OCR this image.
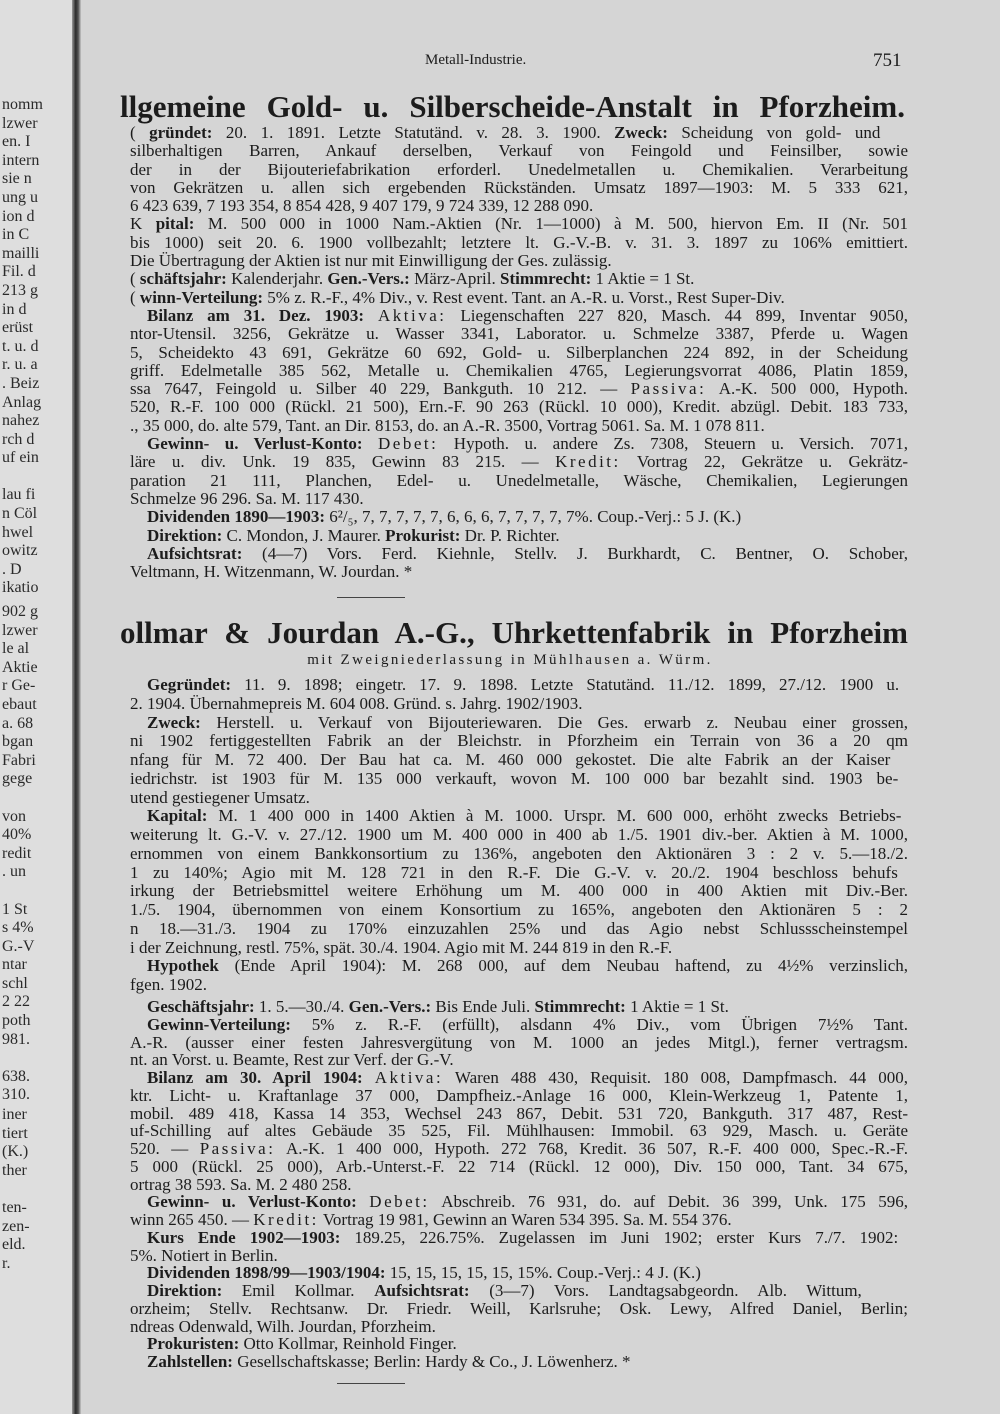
nomm
lzwer
en. I
intern
sie n
ung u
ion d
in C
mailli
Fil. d
213 g
in d
erüst
t. u. d
r. u. a
. Beiz
Anlag
nahez
rch d
uf ein
lau fi
n Cöl
hwel
owitz
. D
ikatio
902 g
lzwer
le al
Aktie
r Ge-
ebaut
a. 68
bgan
Fabri
gege
von
40%
redit
. un
1 St
s 4%
G.-V
ntar
schl
2 22
poth
981.
638.
310.
iner
tiert
(K.)
ther
ten-
zen-
eld.
r.
Metall-Industrie.	751
llgemeine Gold- u. Silberscheide-Anstalt in Pforzheim.
( gründet: 20. 1. 1891. Letzte Statutänd. v. 28. 3. 1900. Zweck: Scheidung von gold- und
silberhaltigen Barren, Ankauf derselben, Verkauf von Feingold und Feinsilber, sowie
der in der Bijouteriefabrikation erforderl. Unedelmetallen u. Chemikalien. Verarbeitung
von Gekrätzen u. allen sich ergebenden Rückständen. Umsatz 1897—1903: M. 5 333 621,
6 423 639, 7 193 354, 8 854 428, 9 407 179, 9 724 339, 12 288 090.
K pital: M. 500 000 in 1000 Nam.-Aktien (Nr. 1—1000) à M. 500, hiervon Em. II (Nr. 501
bis 1000) seit 20. 6. 1900 vollbezahlt; letztere lt. G.-V.-B. v. 31. 3. 1897 zu 106% emittiert.
Die Übertragung der Aktien ist nur mit Einwilligung der Ges. zulässig.
( schäftsjahr: Kalenderjahr. Gen.-Vers.: März-April. Stimmrecht: 1 Aktie = 1 St.
( winn-Verteilung: 5% z. R.-F., 4% Div., v. Rest event. Tant. an A.-R. u. Vorst., Rest Super-Div.
Bilanz am 31. Dez. 1903: Aktiva: Liegenschaften 227 820, Masch. 44 899, Inventar 9050,
ntor-Utensil. 3256, Gekrätze u. Wasser 3341, Laborator. u. Schmelze 3387, Pferde u. Wagen
5, Scheidekto 43 691, Gekrätze 60 692, Gold- u. Silberplanchen 224 892, in der Scheidung
griff. Edelmetalle 385 562, Metalle u. Chemikalien 4765, Legierungsvorrat 4086, Platin 1859,
ssa 7647, Feingold u. Silber 40 229, Bankguth. 10 212. — Passiva: A.-K. 500 000, Hypoth.
520, R.-F. 100 000 (Rückl. 21 500), Ern.-F. 90 263 (Rückl. 10 000), Kredit. abzügl. Debit. 183 733,
., 35 000, do. alte 579, Tant. an Dir. 8153, do. an A.-R. 3500, Vortrag 5061. Sa. M. 1 078 811.
Gewinn- u. Verlust-Konto: Debet: Hypoth. u. andere Zs. 7308, Steuern u. Versich. 7071,
läre u. div. Unk. 19 835, Gewinn 83 215. — Kredit: Vortrag 22, Gekrätze u. Gekrätz-
paration 21 111, Planchen, Edel- u. Unedelmetalle, Wäsche, Chemikalien, Legierungen
Schmelze 96 296. Sa. M. 117 430.
Dividenden 1890—1903: 6²/₅, 7, 7, 7, 7, 7, 6, 6, 6, 7, 7, 7, 7, 7%. Coup.-Verj.: 5 J. (K.)
Direktion: C. Mondon, J. Maurer. Prokurist: Dr. P. Richter.
Aufsichtsrat: (4—7) Vors. Ferd. Kiehnle, Stellv. J. Burkhardt, C. Bentner, O. Schober,
Veltmann, H. Witzenmann, W. Jourdan. *
ollmar & Jourdan A.-G., Uhrkettenfabrik in Pforzheim
mit Zweigniederlassung in Mühlhausen a. Würm.
Gegründet: 11. 9. 1898; eingetr. 17. 9. 1898. Letzte Statutänd. 11./12. 1899, 27./12. 1900 u.
2. 1904. Übernahmepreis M. 604 008. Gründ. s. Jahrg. 1902/1903.
Zweck: Herstell. u. Verkauf von Bijouteriewaren. Die Ges. erwarb z. Neubau einer grossen,
ni 1902 fertiggestellten Fabrik an der Bleichstr. in Pforzheim ein Terrain von 36 a 20 qm
nfang für M. 72 400. Der Bau hat ca. M. 460 000 gekostet. Die alte Fabrik an der Kaiser
iedrichstr. ist 1903 für M. 135 000 verkauft, wovon M. 100 000 bar bezahlt sind. 1903 be-
utend gestiegener Umsatz.
Kapital: M. 1 400 000 in 1400 Aktien à M. 1000. Urspr. M. 600 000, erhöht zwecks Betriebs-
weiterung lt. G.-V. v. 27./12. 1900 um M. 400 000 in 400 ab 1./5. 1901 div.-ber. Aktien à M. 1000,
ernommen von einem Bankkonsortium zu 136%, angeboten den Aktionären 3 : 2 v. 5.—18./2.
1 zu 140%; Agio mit M. 128 721 in den R.-F. Die G.-V. v. 20./2. 1904 beschloss behufs
irkung der Betriebsmittel weitere Erhöhung um M. 400 000 in 400 Aktien mit Div.-Ber.
1./5. 1904, übernommen von einem Konsortium zu 165%, angeboten den Aktionären 5 : 2
n 18.—31./3. 1904 zu 170% einzuzahlen 25% und das Agio nebst Schlussscheinstempel
i der Zeichnung, restl. 75%, spät. 30./4. 1904. Agio mit M. 244 819 in den R.-F.
Hypothek (Ende April 1904): M. 268 000, auf dem Neubau haftend, zu 4½% verzinslich,
fgen. 1902.
Geschäftsjahr: 1. 5.—30./4. Gen.-Vers.: Bis Ende Juli. Stimmrecht: 1 Aktie = 1 St.
Gewinn-Verteilung: 5% z. R.-F. (erfüllt), alsdann 4% Div., vom Übrigen 7½% Tant.
A.-R. (ausser einer festen Jahresvergütung von M. 1000 an jedes Mitgl.), ferner vertragsm.
nt. an Vorst. u. Beamte, Rest zur Verf. der G.-V.
Bilanz am 30. April 1904: Aktiva: Waren 488 430, Requisit. 180 008, Dampfmasch. 44 000,
ktr. Licht- u. Kraftanlage 37 000, Dampfheiz.-Anlage 16 000, Klein-Werkzeug 1, Patente 1,
mobil. 489 418, Kassa 14 353, Wechsel 243 867, Debit. 531 720, Bankguth. 317 487, Rest-
uf-Schilling auf altes Gebäude 35 525, Fil. Mühlhausen: Immobil. 63 929, Masch. u. Geräte
520. — Passiva: A.-K. 1 400 000, Hypoth. 272 768, Kredit. 36 507, R.-F. 400 000, Spec.-R.-F.
5 000 (Rückl. 25 000), Arb.-Unterst.-F. 22 714 (Rückl. 12 000), Div. 150 000, Tant. 34 675,
ortrag 38 593. Sa. M. 2 480 258.
Gewinn- u. Verlust-Konto: Debet: Abschreib. 76 931, do. auf Debit. 36 399, Unk. 175 596,
winn 265 450. — Kredit: Vortrag 19 981, Gewinn an Waren 534 395. Sa. M. 554 376.
Kurs Ende 1902—1903: 189.25, 226.75%. Zugelassen im Juni 1902; erster Kurs 7./7. 1902:
5%. Notiert in Berlin.
Dividenden 1898/99—1903/1904: 15, 15, 15, 15, 15, 15%. Coup.-Verj.: 4 J. (K.)
Direktion: Emil Kollmar. Aufsichtsrat: (3—7) Vors. Landtagsabgeordn. Alb. Wittum,
orzheim; Stellv. Rechtsanw. Dr. Friedr. Weill, Karlsruhe; Osk. Lewy, Alfred Daniel, Berlin;
ndreas Odenwald, Wilh. Jourdan, Pforzheim.
Prokuristen: Otto Kollmar, Reinhold Finger.
Zahlstellen: Gesellschaftskasse; Berlin: Hardy & Co., J. Löwenherz. *
